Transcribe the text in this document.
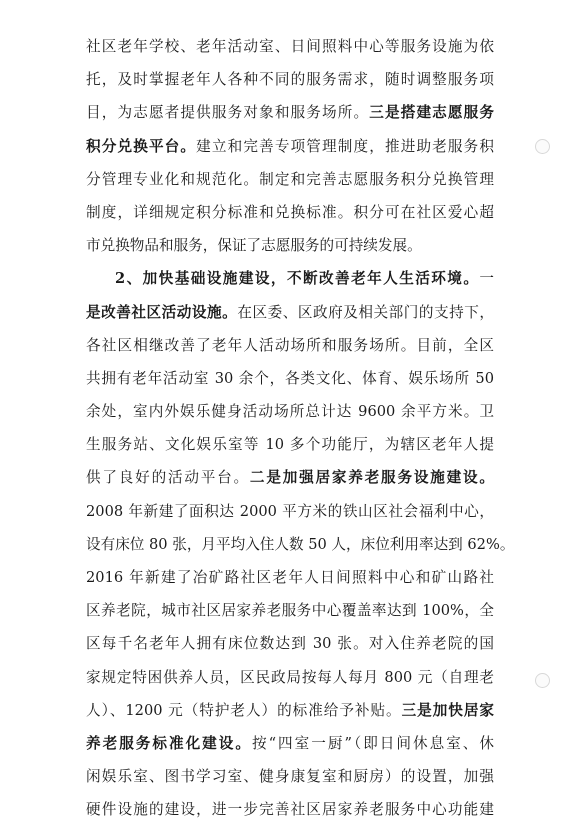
社区老年学校、老年活动室、日间照料中心等服务设施为依
托，及时掌握老年人各种不同的服务需求，随时调整服务项
目，为志愿者提供服务对象和服务场所。三是搭建志愿服务
积分兑换平台。建立和完善专项管理制度，推进助老服务积
分管理专业化和规范化。制定和完善志愿服务积分兑换管理
制度，详细规定积分标准和兑换标准。积分可在社区爱心超
市兑换物品和服务，保证了志愿服务的可持续发展。
2、加快基础设施建设，不断改善老年人生活环境。一
是改善社区活动设施。在区委、区政府及相关部门的支持下，
各社区相继改善了老年人活动场所和服务场所。目前，全区
共拥有老年活动室 30 余个，各类文化、体育、娱乐场所 50
余处，室内外娱乐健身活动场所总计达 9600 余平方米。卫
生服务站、文化娱乐室等 10 多个功能厅，为辖区老年人提
供了良好的活动平台。二是加强居家养老服务设施建设。
2008 年新建了面积达 2000 平方米的铁山区社会福利中心，
设有床位 80 张，月平均入住人数 50 人，床位利用率达到 62%。
2016 年新建了冶矿路社区老年人日间照料中心和矿山路社
区养老院，城市社区居家养老服务中心覆盖率达到 100%，全
区每千名老年人拥有床位数达到 30 张。对入住养老院的国
家规定特困供养人员，区民政局按每人每月 800 元（自理老
人）、1200 元（特护老人）的标准给予补贴。三是加快居家
养老服务标准化建设。按“四室一厨”（即日间休息室、休
闲娱乐室、图书学习室、健身康复室和厨房）的设置，加强
硬件设施的建设，进一步完善社区居家养老服务中心功能建
